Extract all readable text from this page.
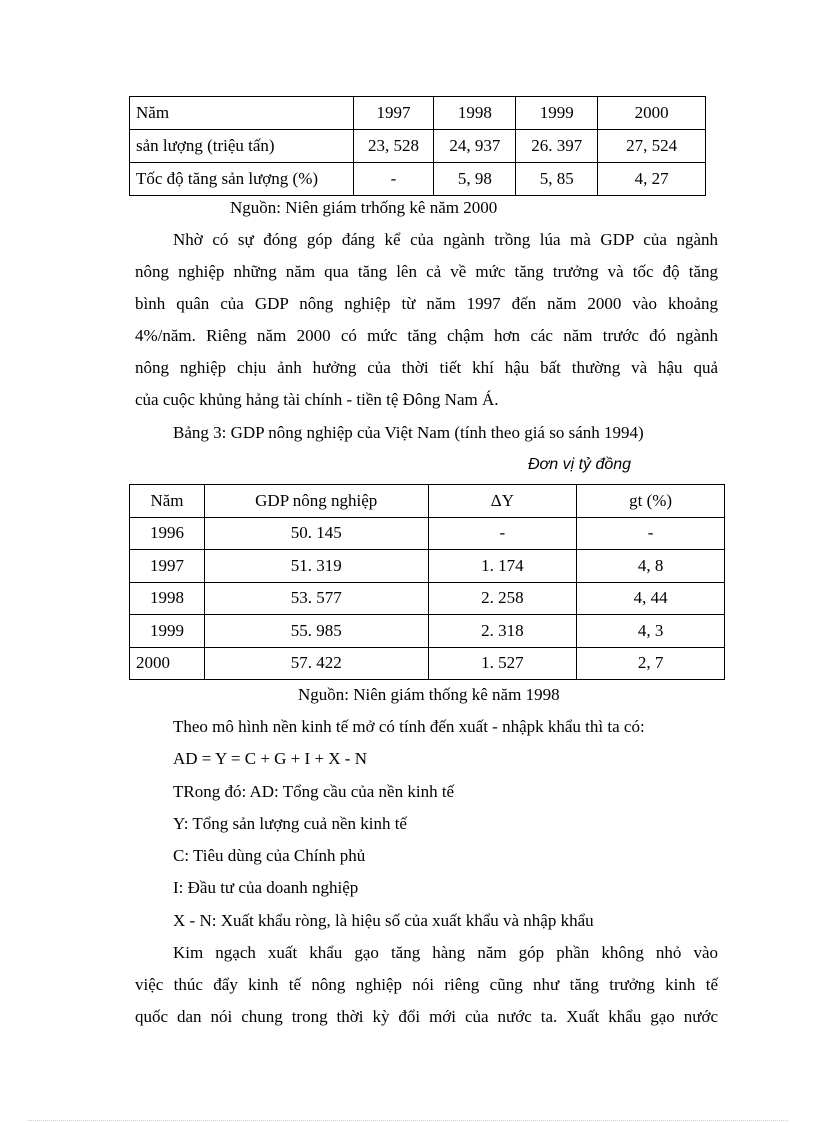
Năm	1997	1998	1999	2000
sản lượng (triệu tấn)	23, 528	24, 937	26. 397	27, 524
Tốc độ tăng sản lượng (%)	-	5, 98	5, 85	4, 27
Nguồn: Niên giám trhống kê năm 2000
Nhờ có sự đóng góp đáng kể của ngành trồng lúa mà GDP của ngành
nông nghiệp những năm qua tăng lên cả về mức tăng trưởng và tốc độ tăng
bình quân của GDP nông nghiệp từ năm 1997 đến năm 2000 vào khoảng
4%/năm. Riêng năm 2000 có mức tăng chậm hơn các năm trước đó ngành
nông nghiệp chịu ảnh hưởng của thời tiết khí hậu bất thường và hậu quả
của cuộc khủng hảng tài chính - tiền tệ Đông Nam Á.
Bảng 3: GDP nông nghiệp của Việt Nam (tính theo giá so sánh 1994)
Đơn vị tỷ đồng
Năm	GDP nông nghiệp	ΔY	gt (%)
1996	50. 145	-	-
1997	51. 319	1. 174	4, 8
1998	53. 577	2. 258	4, 44
1999	55. 985	2. 318	4, 3
2000	57. 422	1. 527	2, 7
Nguồn: Niên giám thống kê năm 1998
Theo mô hình nền kinh tế mở có tính đến xuất - nhậpk khẩu thì ta có:
AD = Y = C + G + I + X - N
TRong đó: AD: Tổng cầu của nền kinh tế
Y: Tổng sản lượng cuả nền kinh tế
C: Tiêu dùng của Chính phủ
I: Đầu tư của doanh nghiệp
X - N: Xuất khẩu ròng, là hiệu số của xuất khẩu và nhập khẩu
Kim ngạch xuất khẩu gạo tăng hàng năm góp phần không nhỏ vào
việc thúc đẩy kinh tế nông nghiệp nói riêng cũng như tăng trưởng kinh tế
quốc dan nói chung trong thời kỳ đổi mới của nước ta. Xuất khẩu gạo nước
